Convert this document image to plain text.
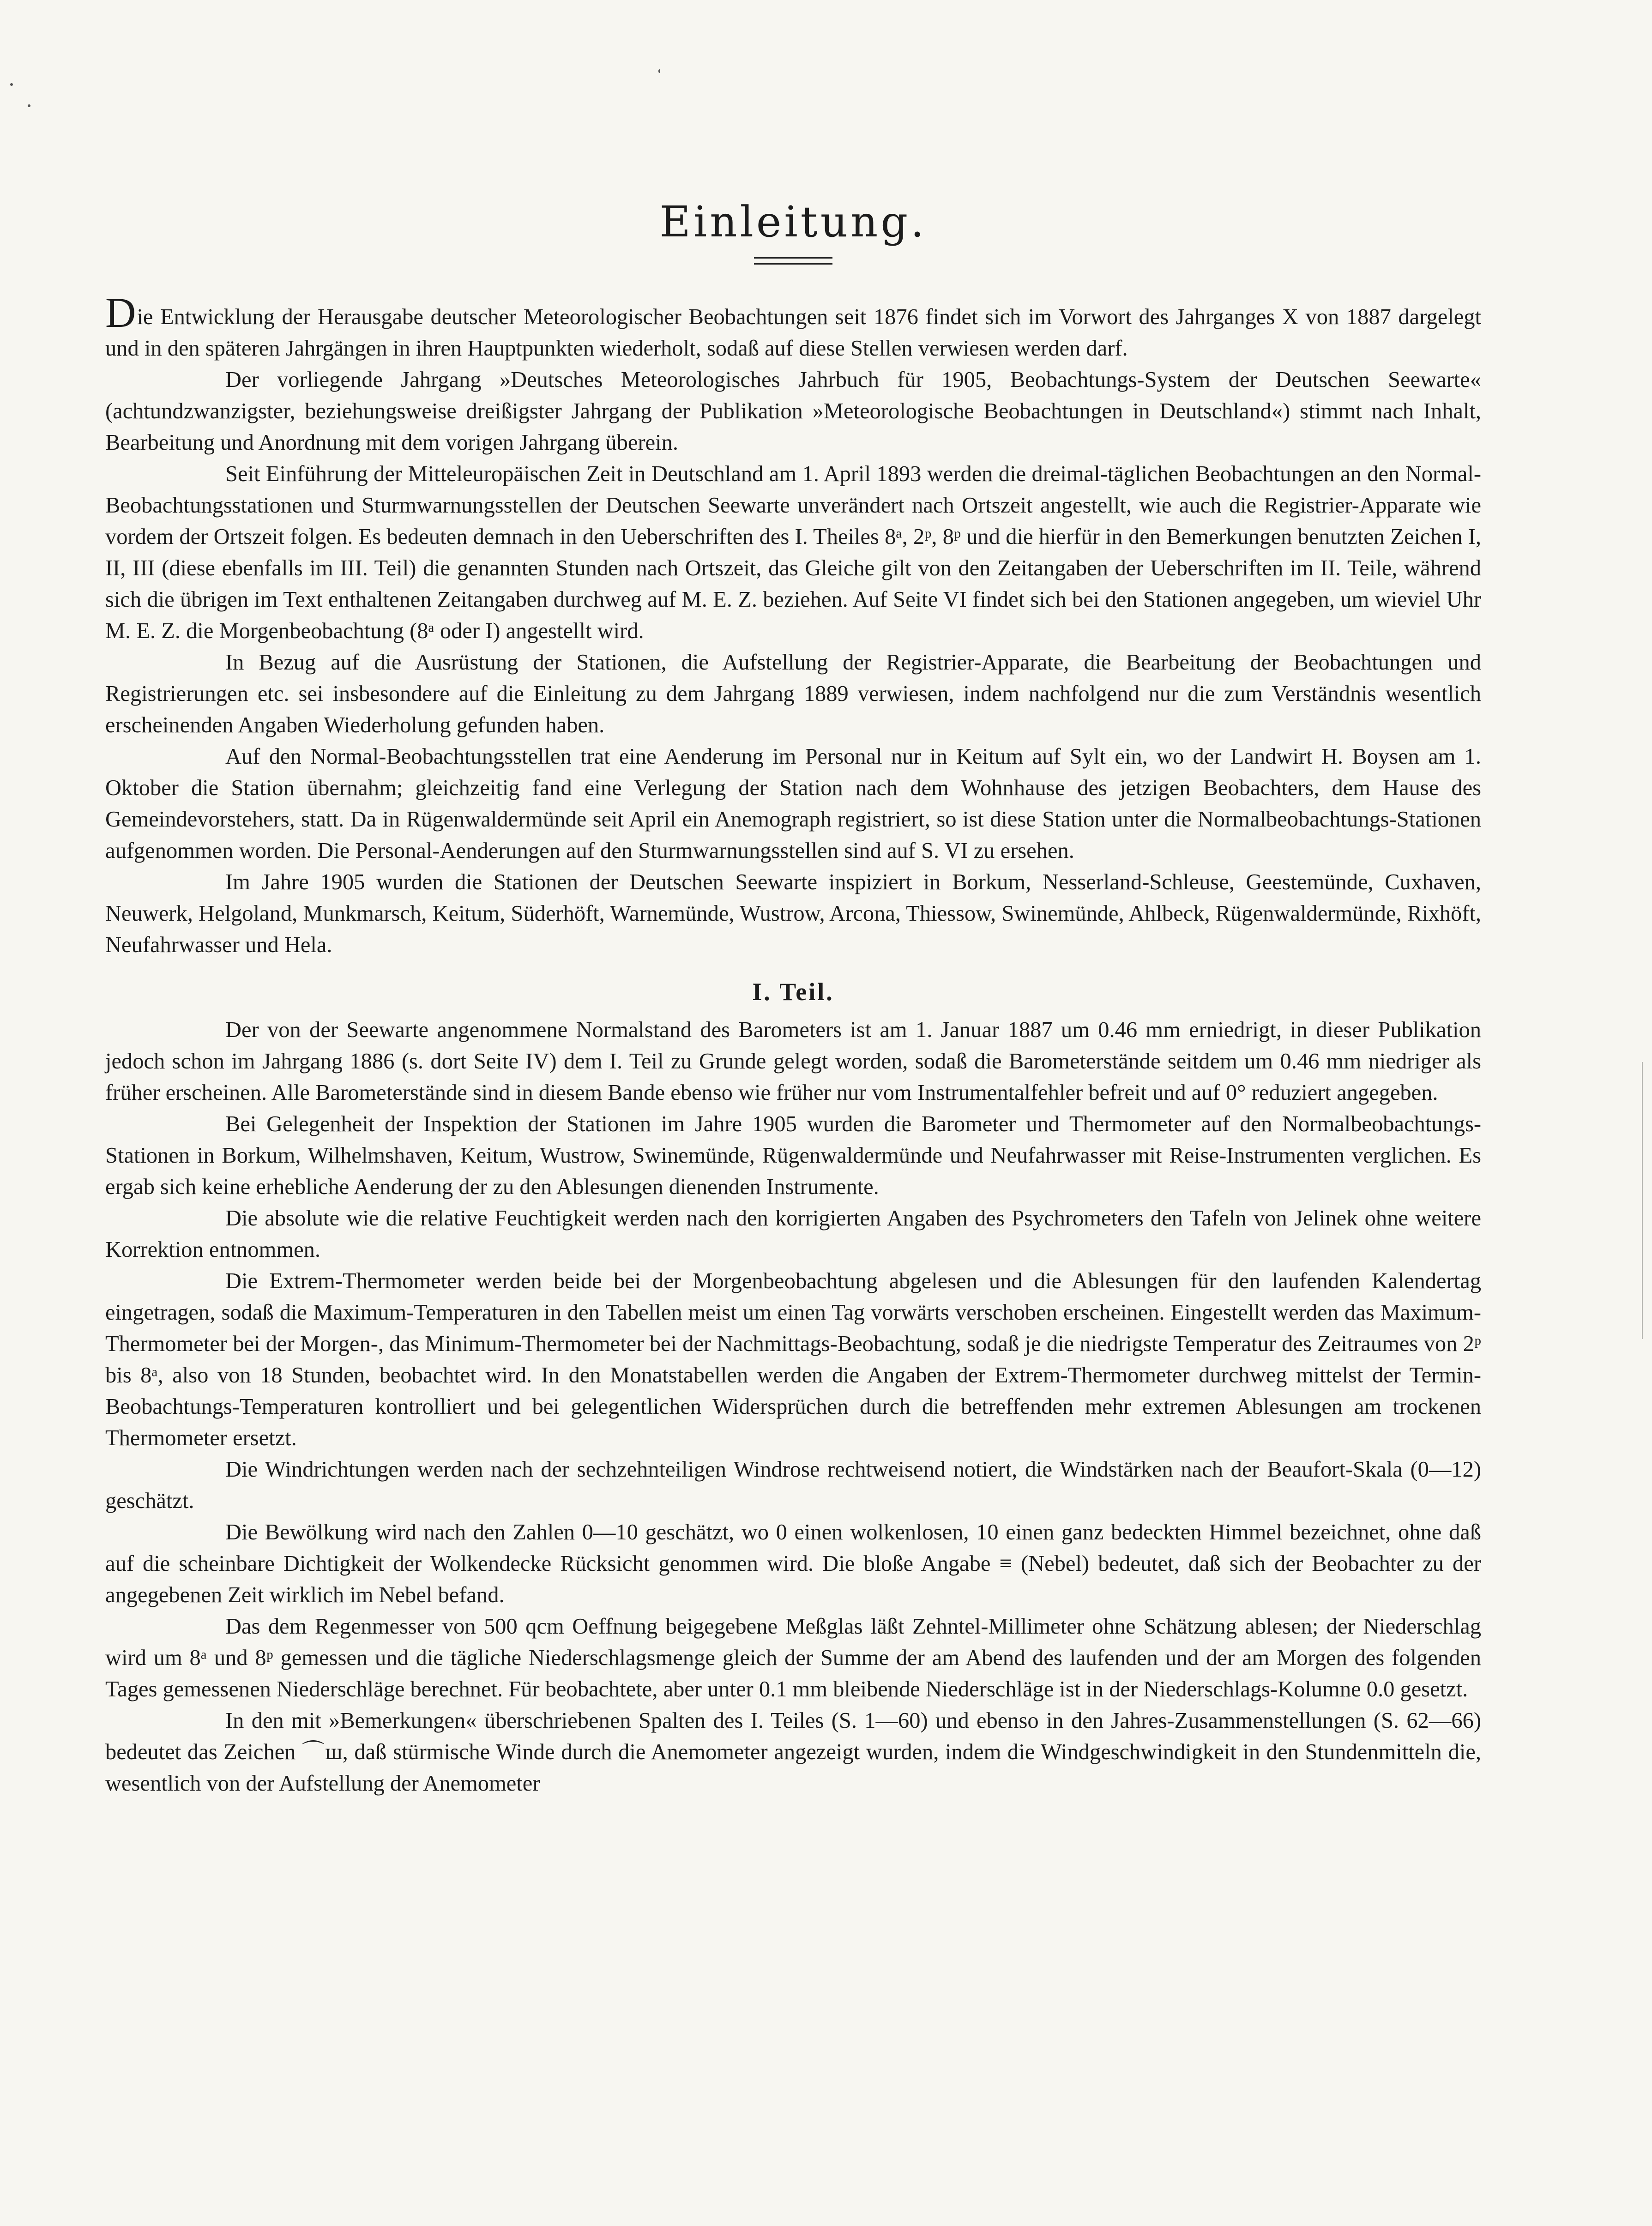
Einleitung.

Die Entwicklung der Herausgabe deutscher Meteorologischer Beobachtungen seit 1876 findet sich im Vorwort des Jahrganges X von 1887 dargelegt und in den späteren Jahrgängen in ihren Hauptpunkten wiederholt, sodaß auf diese Stellen verwiesen werden darf.

Der vorliegende Jahrgang »Deutsches Meteorologisches Jahrbuch für 1905, Beobachtungs-System der Deutschen Seewarte« (achtundzwanzigster, beziehungsweise dreißigster Jahrgang der Publikation »Meteorologische Beobachtungen in Deutschland«) stimmt nach Inhalt, Bearbeitung und Anordnung mit dem vorigen Jahrgang überein.

Seit Einführung der Mitteleuropäischen Zeit in Deutschland am 1. April 1893 werden die dreimal-täglichen Beobachtungen an den Normal-Beobachtungsstationen und Sturmwarnungsstellen der Deutschen Seewarte unverändert nach Ortszeit angestellt, wie auch die Registrier-Apparate wie vordem der Ortszeit folgen. Es bedeuten demnach in den Ueberschriften des I. Theiles 8ᵃ, 2ᵖ, 8ᵖ und die hierfür in den Bemerkungen benutzten Zeichen I, II, III (diese ebenfalls im III. Teil) die genannten Stunden nach Ortszeit, das Gleiche gilt von den Zeitangaben der Ueberschriften im II. Teile, während sich die übrigen im Text enthaltenen Zeitangaben durchweg auf M. E. Z. beziehen. Auf Seite VI findet sich bei den Stationen angegeben, um wieviel Uhr M. E. Z. die Morgenbeobachtung (8ᵃ oder I) angestellt wird.

In Bezug auf die Ausrüstung der Stationen, die Aufstellung der Registrier-Apparate, die Bearbeitung der Beobachtungen und Registrierungen etc. sei insbesondere auf die Einleitung zu dem Jahrgang 1889 verwiesen, indem nachfolgend nur die zum Verständnis wesentlich erscheinenden Angaben Wiederholung gefunden haben.

Auf den Normal-Beobachtungsstellen trat eine Aenderung im Personal nur in Keitum auf Sylt ein, wo der Landwirt H. Boysen am 1. Oktober die Station übernahm; gleichzeitig fand eine Verlegung der Station nach dem Wohnhause des jetzigen Beobachters, dem Hause des Gemeindevorstehers, statt. Da in Rügenwaldermünde seit April ein Anemograph registriert, so ist diese Station unter die Normalbeobachtungs-Stationen aufgenommen worden. Die Personal-Aenderungen auf den Sturmwarnungsstellen sind auf S. VI zu ersehen.

Im Jahre 1905 wurden die Stationen der Deutschen Seewarte inspiziert in Borkum, Nesserland-Schleuse, Geestemünde, Cuxhaven, Neuwerk, Helgoland, Munkmarsch, Keitum, Süderhöft, Warnemünde, Wustrow, Arcona, Thiessow, Swinemünde, Ahlbeck, Rügenwaldermünde, Rixhöft, Neufahrwasser und Hela.

I. Teil.

Der von der Seewarte angenommene Normalstand des Barometers ist am 1. Januar 1887 um 0.46 mm erniedrigt, in dieser Publikation jedoch schon im Jahrgang 1886 (s. dort Seite IV) dem I. Teil zu Grunde gelegt worden, sodaß die Barometerstände seitdem um 0.46 mm niedriger als früher erscheinen. Alle Barometerstände sind in diesem Bande ebenso wie früher nur vom Instrumentalfehler befreit und auf 0° reduziert angegeben.

Bei Gelegenheit der Inspektion der Stationen im Jahre 1905 wurden die Barometer und Thermometer auf den Normalbeobachtungs-Stationen in Borkum, Wilhelmshaven, Keitum, Wustrow, Swinemünde, Rügenwaldermünde und Neufahrwasser mit Reise-Instrumenten verglichen. Es ergab sich keine erhebliche Aenderung der zu den Ablesungen dienenden Instrumente.

Die absolute wie die relative Feuchtigkeit werden nach den korrigierten Angaben des Psychrometers den Tafeln von Jelinek ohne weitere Korrektion entnommen.

Die Extrem-Thermometer werden beide bei der Morgenbeobachtung abgelesen und die Ablesungen für den laufenden Kalendertag eingetragen, sodaß die Maximum-Temperaturen in den Tabellen meist um einen Tag vorwärts verschoben erscheinen. Eingestellt werden das Maximum-Thermometer bei der Morgen-, das Minimum-Thermometer bei der Nachmittags-Beobachtung, sodaß je die niedrigste Temperatur des Zeitraumes von 2ᵖ bis 8ᵃ, also von 18 Stunden, beobachtet wird. In den Monatstabellen werden die Angaben der Extrem-Thermometer durchweg mittelst der Termin-Beobachtungs-Temperaturen kontrolliert und bei gelegentlichen Widersprüchen durch die betreffenden mehr extremen Ablesungen am trockenen Thermometer ersetzt.

Die Windrichtungen werden nach der sechzehnteiligen Windrose rechtweisend notiert, die Windstärken nach der Beaufort-Skala (0—12) geschätzt.

Die Bewölkung wird nach den Zahlen 0—10 geschätzt, wo 0 einen wolkenlosen, 10 einen ganz bedeckten Himmel bezeichnet, ohne daß auf die scheinbare Dichtigkeit der Wolkendecke Rücksicht genommen wird. Die bloße Angabe ≡ (Nebel) bedeutet, daß sich der Beobachter zu der angegebenen Zeit wirklich im Nebel befand.

Das dem Regenmesser von 500 qcm Oeffnung beigegebene Meßglas läßt Zehntel-Millimeter ohne Schätzung ablesen; der Niederschlag wird um 8ᵃ und 8ᵖ gemessen und die tägliche Niederschlagsmenge gleich der Summe der am Abend des laufenden und der am Morgen des folgenden Tages gemessenen Niederschläge berechnet. Für beobachtete, aber unter 0.1 mm bleibende Niederschläge ist in der Niederschlags-Kolumne 0.0 gesetzt.

In den mit »Bemerkungen« überschriebenen Spalten des I. Teiles (S. 1—60) und ebenso in den Jahres-Zusammenstellungen (S. 62—66) bedeutet das Zeichen ⌒ш, daß stürmische Winde durch die Anemometer angezeigt wurden, indem die Windgeschwindigkeit in den Stundenmitteln die, wesentlich von der Aufstellung der Anemometer
